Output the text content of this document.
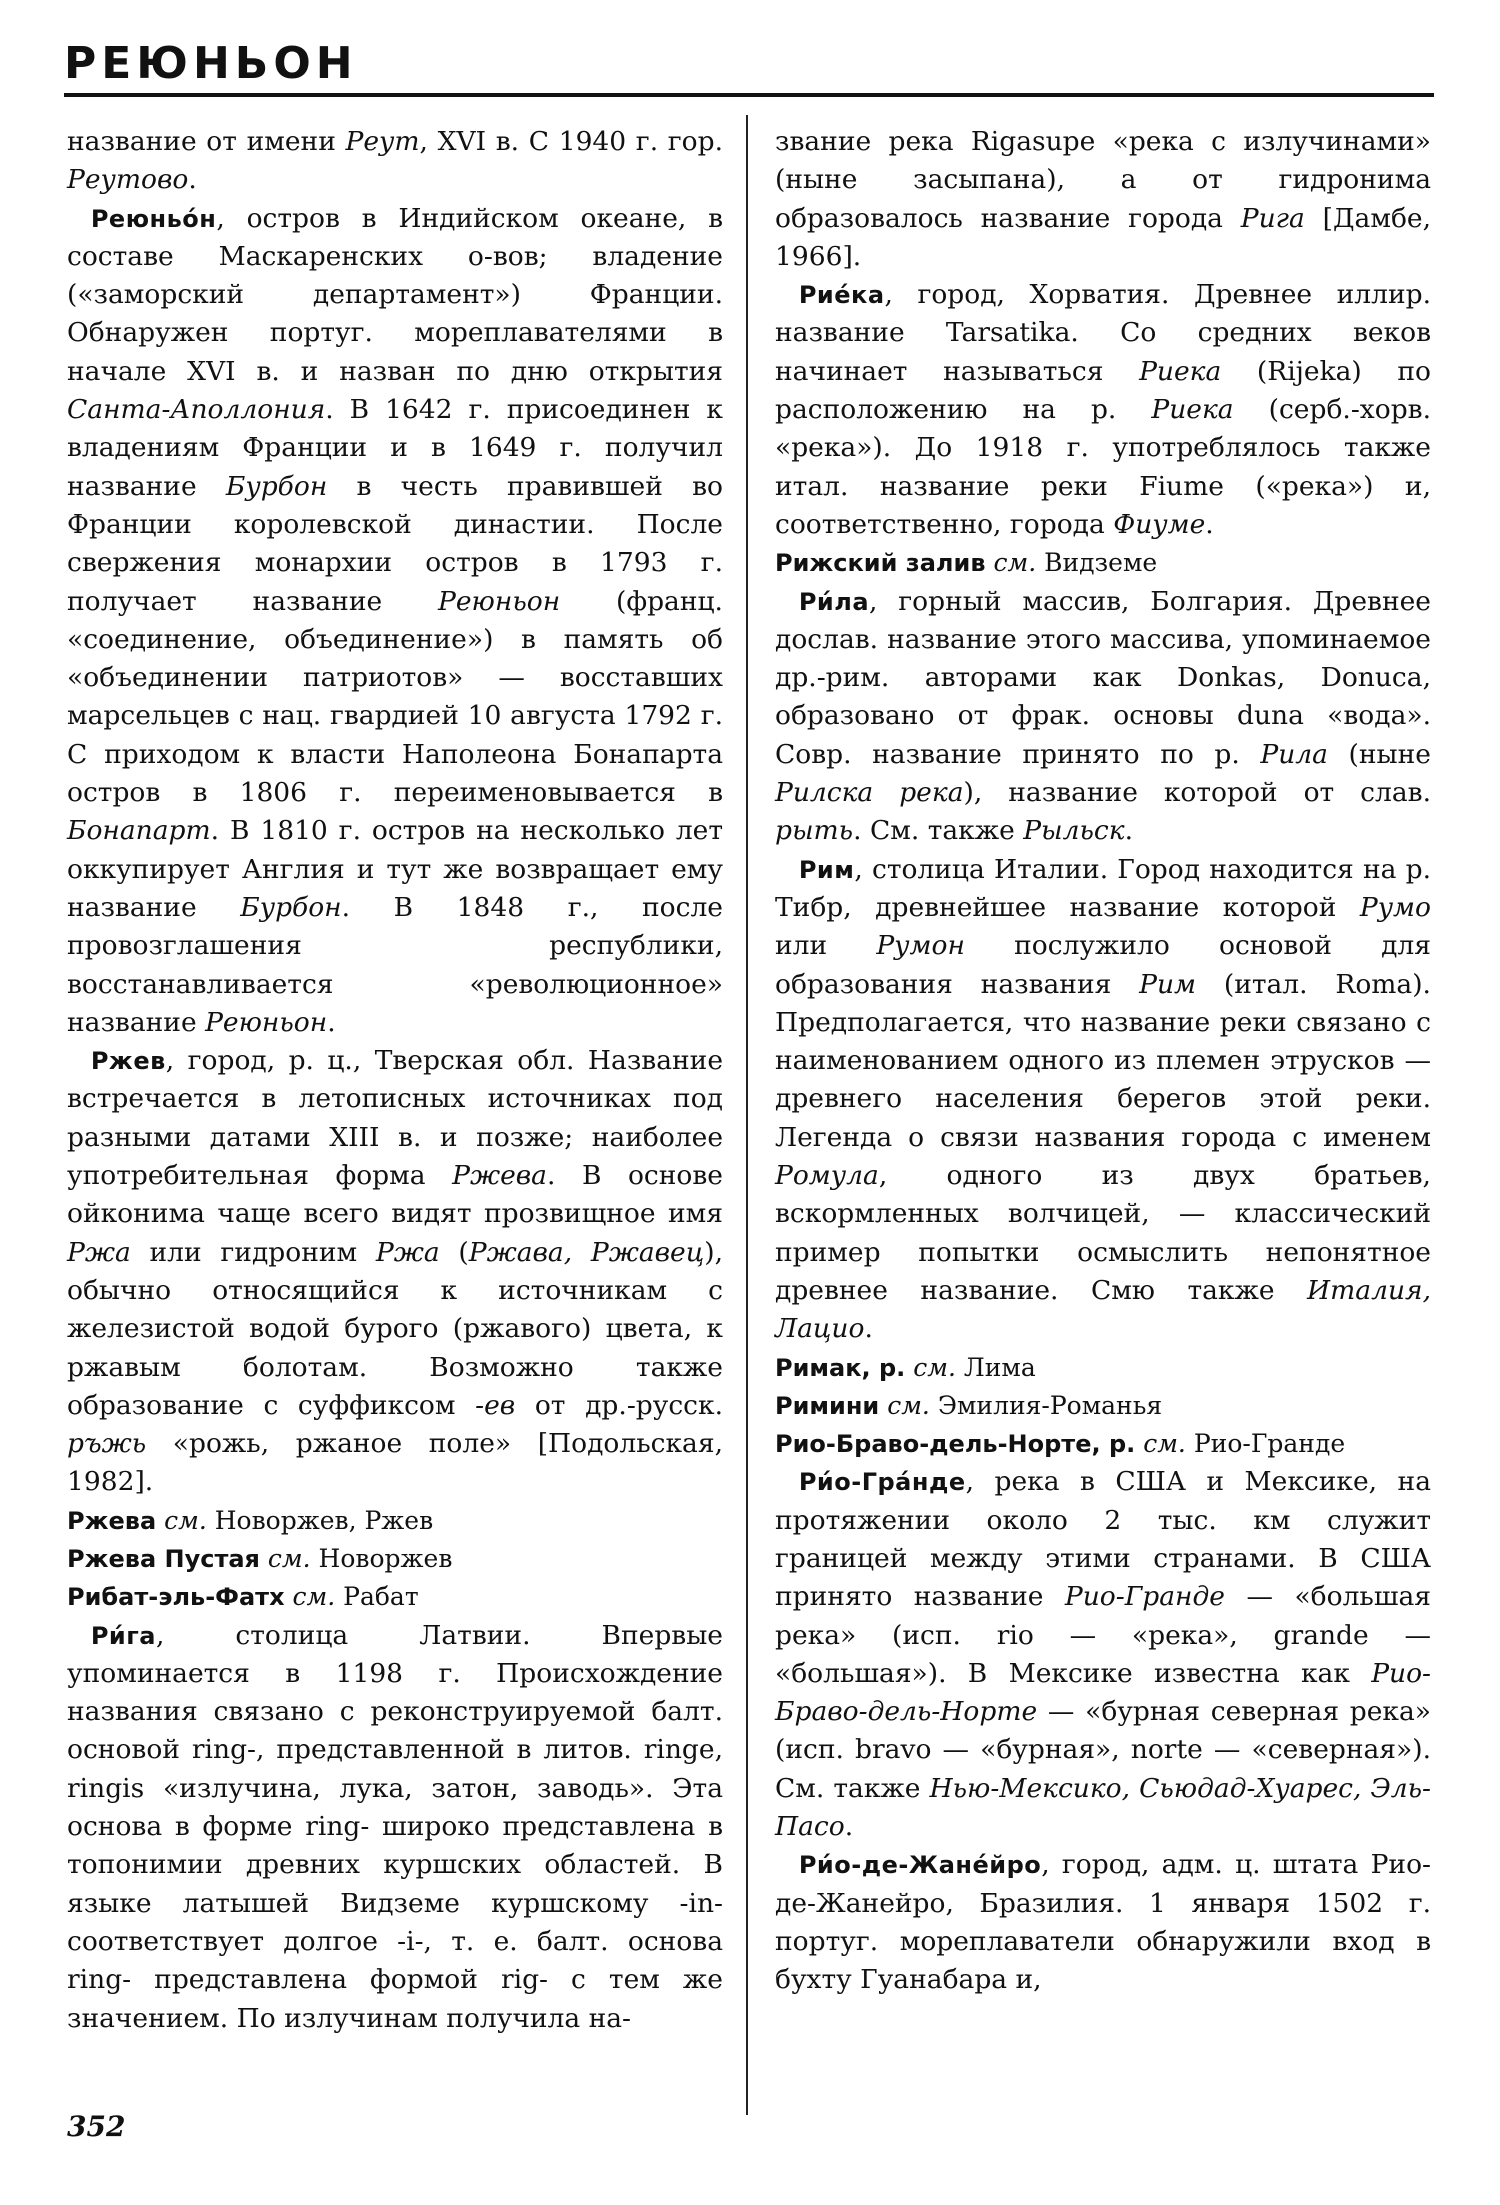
РЕЮНЬОН

название от имени Реут, XVI в. С 1940 г. гор. Реутово.

Реюньо́н, остров в Индийском океане, в составе Маскаренских о-вов; владение («заморский департамент») Франции. Обнаружен португ. мореплавателями в начале XVI в. и назван по дню открытия Санта-Аполлония. В 1642 г. присоединен к владениям Франции и в 1649 г. получил название Бурбон в честь правившей во Франции королевской династии. После свержения монархии остров в 1793 г. получает название Реюньон (франц. «соединение, объединение») в память об «объединении патриотов» — восставших марсельцев с нац. гвардией 10 августа 1792 г. С приходом к власти Наполеона Бонапарта остров в 1806 г. переименовывается в Бонапарт. В 1810 г. остров на несколько лет оккупирует Англия и тут же возвращает ему название Бурбон. В 1848 г., после провозглашения республики, восстанавливается «революционное» название Реюньон.

Ржев, город, р. ц., Тверская обл. Название встречается в летописных источниках под разными датами XIII в. и позже; наиболее употребительная форма Ржева. В основе ойконима чаще всего видят прозвищное имя Ржа или гидроним Ржа (Ржава, Ржавец), обычно относящийся к источникам с железистой водой бурого (ржавого) цвета, к ржавым болотам. Возможно также образование с суффиксом -ев от др.-русск. ръжь «рожь, ржаное поле» [Подольская, 1982].

Ржева см. Новоржев, Ржев

Ржева Пустая см. Новоржев

Рибат-эль-Фатх см. Рабат

Ри́га, столица Латвии. Впервые упоминается в 1198 г. Происхождение названия связано с реконструируемой балт. основой ring-, представленной в литов. ringe, ringis «излучина, лука, затон, заводь». Эта основа в форме ring- широко представлена в топонимии древних куршских областей. В языке латышей Видземе куршскому -in- соответствует долгое -i-, т. е. балт. основа ring- представлена формой rig- с тем же значением. По излучинам получила на-

звание река Rigasupe «река с излучинами» (ныне засыпана), а от гидронима образовалось название города Рига [Дамбе, 1966].

Рие́ка, город, Хорватия. Древнее иллир. название Tarsatika. Со средних веков начинает называться Риека (Rijeka) по расположению на р. Риека (серб.-хорв. «река»). До 1918 г. употреблялось также итал. название реки Fiume («река») и, соответственно, города Фиуме.

Рижский залив см. Видземе

Ри́ла, горный массив, Болгария. Древнее дослав. название этого массива, упоминаемое др.-рим. авторами как Donkas, Donuca, образовано от фрак. основы dunа «вода». Совр. название принято по р. Рила (ныне Рилска река), название которой от слав. рыть. См. также Рыльск.

Рим, столица Италии. Город находится на р. Тибр, древнейшее название которой Румо или Румон послужило основой для образования названия Рим (итал. Roma). Предполагается, что название реки связано с наименованием одного из племен этрусков — древнего населения берегов этой реки. Легенда о связи названия города с именем Ромула, одного из двух братьев, вскормленных волчицей, — классический пример попытки осмыслить непонятное древнее название. Смю также Италия, Лацио.

Римак, р. см. Лима

Римини см. Эмилия-Романья

Рио-Браво-дель-Норте, р. см. Рио-Гранде

Ри́о-Гра́нде, река в США и Мексике, на протяжении около 2 тыс. км служит границей между этими странами. В США принято название Рио-Гранде — «большая река» (исп. rio — «река», grande — «большая»). В Мексике известна как Рио-Браво-дель-Норте — «бурная северная река» (исп. bravo — «бурная», norte — «северная»). См. также Нью-Мексико, Сьюдад-Хуарес, Эль-Пасо.

Ри́о-де-Жане́йро, город, адм. ц. штата Рио-де-Жанейро, Бразилия. 1 января 1502 г. португ. мореплаватели обнаружили вход в бухту Гуанабара и,

352
